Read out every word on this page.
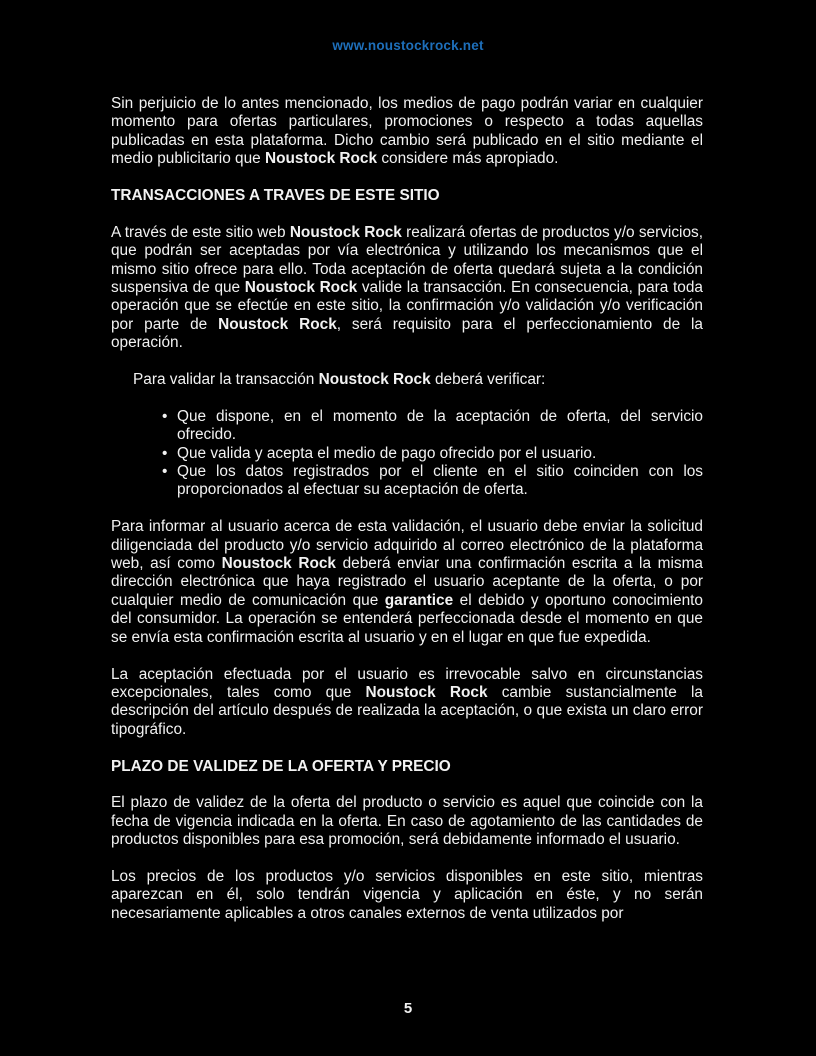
www.noustockrock.net

Sin perjuicio de lo antes mencionado, los medios de pago podrán variar en cualquier momento para ofertas particulares, promociones o respecto a todas aquellas publicadas en esta plataforma. Dicho cambio será publicado en el sitio mediante el medio publicitario que Noustock Rock considere más apropiado.

TRANSACCIONES A TRAVES DE ESTE SITIO

A través de este sitio web Noustock Rock realizará ofertas de productos y/o servicios, que podrán ser aceptadas por vía electrónica y utilizando los mecanismos que el mismo sitio ofrece para ello. Toda aceptación de oferta quedará sujeta a la condición suspensiva de que Noustock Rock valide la transacción. En consecuencia, para toda operación que se efectúe en este sitio, la confirmación y/o validación y/o verificación por parte de Noustock Rock, será requisito para el perfeccionamiento de la operación.

Para validar la transacción Noustock Rock deberá verificar:

• Que dispone, en el momento de la aceptación de oferta, del servicio ofrecido.
• Que valida y acepta el medio de pago ofrecido por el usuario.
• Que los datos registrados por el cliente en el sitio coinciden con los proporcionados al efectuar su aceptación de oferta.

Para informar al usuario acerca de esta validación, el usuario debe enviar la solicitud diligenciada del producto y/o servicio adquirido al correo electrónico de la plataforma web, así como Noustock Rock deberá enviar una confirmación escrita a la misma dirección electrónica que haya registrado el usuario aceptante de la oferta, o por cualquier medio de comunicación que garantice el debido y oportuno conocimiento del consumidor. La operación se entenderá perfeccionada desde el momento en que se envía esta confirmación escrita al usuario y en el lugar en que fue expedida.

La aceptación efectuada por el usuario es irrevocable salvo en circunstancias excepcionales, tales como que Noustock Rock cambie sustancialmente la descripción del artículo después de realizada la aceptación, o que exista un claro error tipográfico.

PLAZO DE VALIDEZ DE LA OFERTA Y PRECIO

El plazo de validez de la oferta del producto o servicio es aquel que coincide con la fecha de vigencia indicada en la oferta. En caso de agotamiento de las cantidades de productos disponibles para esa promoción, será debidamente informado el usuario.

Los precios de los productos y/o servicios disponibles en este sitio, mientras aparezcan en él, solo tendrán vigencia y aplicación en éste, y no serán necesariamente aplicables a otros canales externos de venta utilizados por

5
